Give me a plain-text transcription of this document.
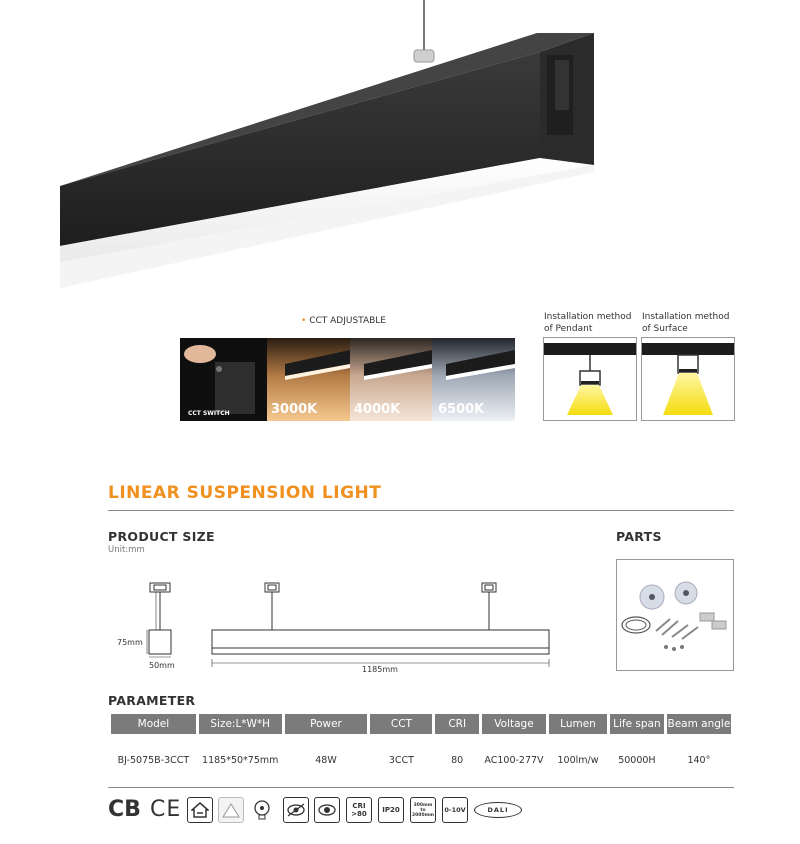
• CCT ADJUSTABLE
CCT SWITCH	3000K	4000K	6500K
Installation method
of Pendant
Installation method
of Surface
LINEAR SUSPENSION LIGHT
PRODUCT SIZE
Unit:mm
75mm
50mm	1185mm
PARTS
PARAMETER
Model	Size:L*W*H	Power	CCT	CRI	Voltage	Lumen	Life span	Beam angle
BJ-5075B-3CCT	1185*50*75mm	48W	3CCT	80	AC100-277V	100lm/w	50000H	140°
CB CE	CRI
>80 IP20
300mm
to
2000mm
0-10V	DALI
